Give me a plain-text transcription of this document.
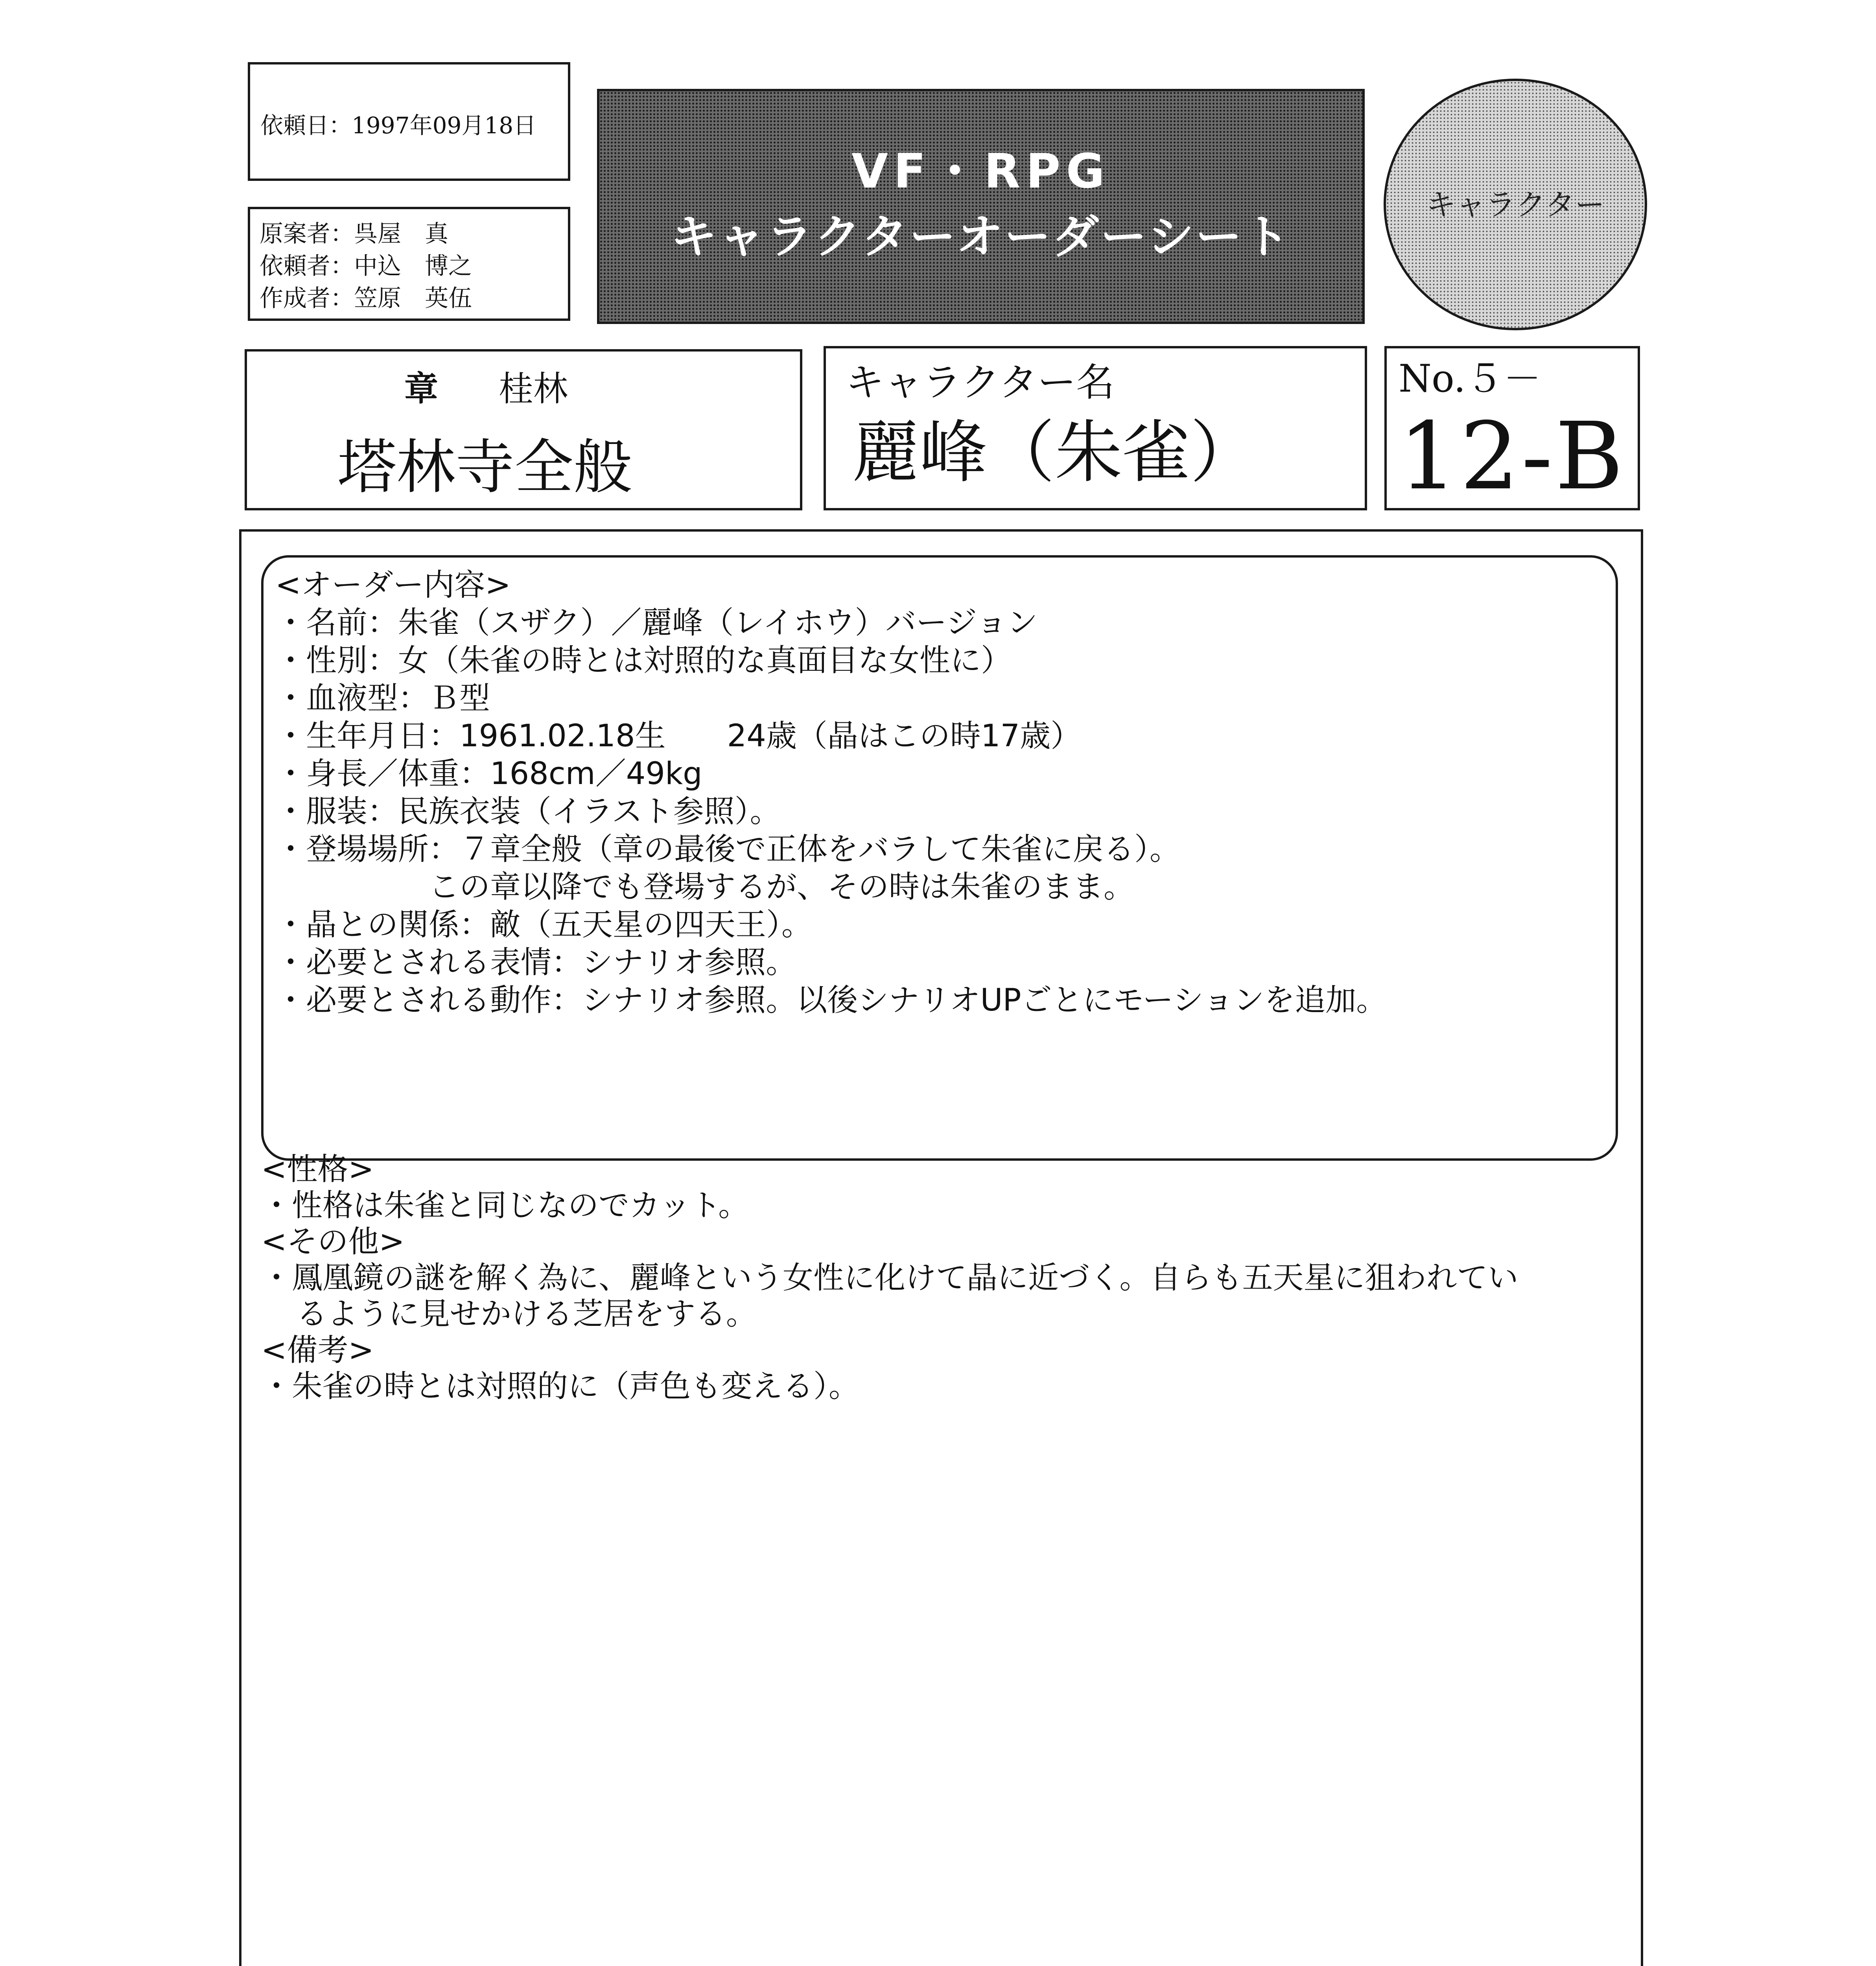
依頼日：1997年09月18日
原案者：呉屋　真
依頼者：中込　博之
作成者：笠原　英伍
VF・RPG
キャラクターオーダーシート
キャラクター
章 桂林
塔林寺全般
キャラクター名
麗峰（朱雀）
No.５－
12-B
<オーダー内容>
・名前：朱雀（スザク）／麗峰（レイホウ）バージョン
・性別：女（朱雀の時とは対照的な真面目な女性に）
・血液型：Ｂ型
・生年月日：1961.02.18生　　24歳（晶はこの時17歳）
・身長／体重：168cm／49kg
・服装：民族衣装（イラスト参照）。
・登場場所：７章全般（章の最後で正体をバラして朱雀に戻る）。
　　　　　この章以降でも登場するが、その時は朱雀のまま。
・晶との関係：敵（五天星の四天王）。
・必要とされる表情：シナリオ参照。
・必要とされる動作：シナリオ参照。以後シナリオUPごとにモーションを追加。
<性格>
・性格は朱雀と同じなのでカット。
<その他>
・鳳凰鏡の謎を解く為に、麗峰という女性に化けて晶に近づく。自らも五天星に狙われてい
るように見せかける芝居をする。
<備考>
・朱雀の時とは対照的に（声色も変える）。
